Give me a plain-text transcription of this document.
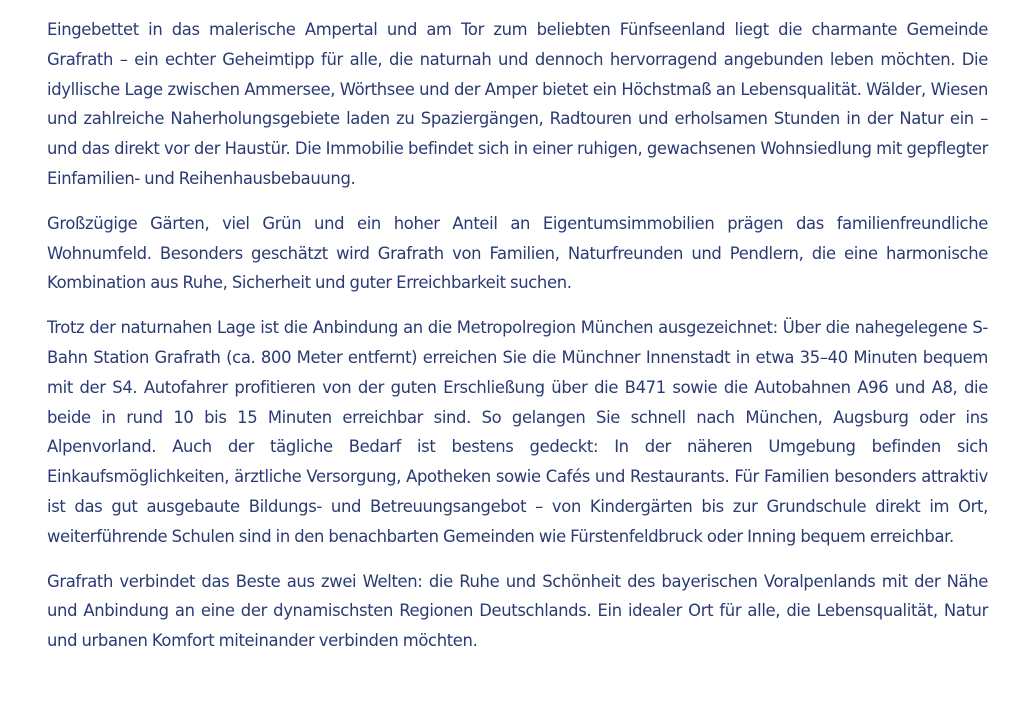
Eingebettet in das malerische Ampertal und am Tor zum beliebten Fünfseenland liegt die charmante Gemeinde Grafrath – ein echter Geheimtipp für alle, die naturnah und dennoch hervorragend angebunden leben möchten. Die idyllische Lage zwischen Ammersee, Wörthsee und der Amper bietet ein Höchstmaß an Lebensqualität. Wälder, Wiesen und zahlreiche Naherholungsgebiete laden zu Spaziergängen, Radtouren und erholsamen Stunden in der Natur ein – und das direkt vor der Haustür. Die Immobilie befindet sich in einer ruhigen, gewachsenen Wohnsiedlung mit gepflegter Einfamilien- und Reihenhausbebauung.

Großzügige Gärten, viel Grün und ein hoher Anteil an Eigentumsimmobilien prägen das familienfreundliche Wohnumfeld. Besonders geschätzt wird Grafrath von Familien, Naturfreunden und Pendlern, die eine harmonische Kombination aus Ruhe, Sicherheit und guter Erreichbarkeit suchen.

Trotz der naturnahen Lage ist die Anbindung an die Metropolregion München ausgezeichnet: Über die nahegelegene S-Bahn Station Grafrath (ca. 800 Meter entfernt) erreichen Sie die Münchner Innenstadt in etwa 35–40 Minuten bequem mit der S4. Autofahrer profitieren von der guten Erschließung über die B471 sowie die Autobahnen A96 und A8, die beide in rund 10 bis 15 Minuten erreichbar sind. So gelangen Sie schnell nach München, Augsburg oder ins Alpenvorland. Auch der tägliche Bedarf ist bestens gedeckt: In der näheren Umgebung befinden sich Einkaufsmöglichkeiten, ärztliche Versorgung, Apotheken sowie Cafés und Restaurants. Für Familien besonders attraktiv ist das gut ausgebaute Bildungs- und Betreuungsangebot – von Kindergärten bis zur Grundschule direkt im Ort, weiterführende Schulen sind in den benachbarten Gemeinden wie Fürstenfeldbruck oder Inning bequem erreichbar.

Grafrath verbindet das Beste aus zwei Welten: die Ruhe und Schönheit des bayerischen Voralpenlands mit der Nähe und Anbindung an eine der dynamischsten Regionen Deutschlands. Ein idealer Ort für alle, die Lebensqualität, Natur und urbanen Komfort miteinander verbinden möchten.
